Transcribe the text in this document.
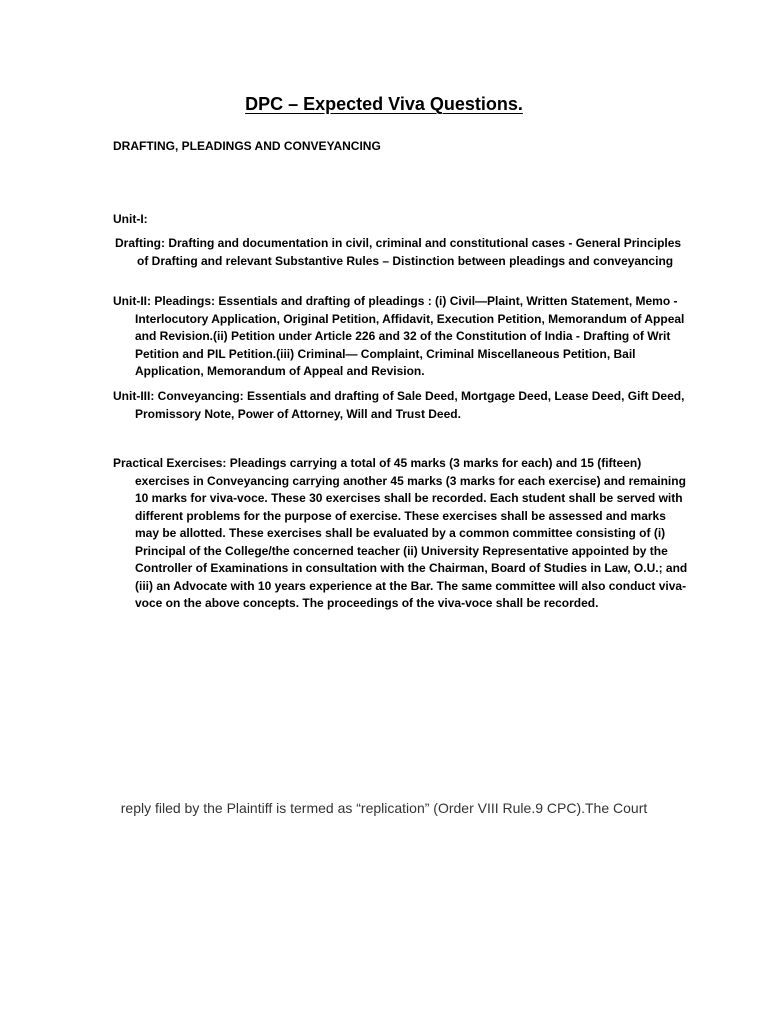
DPC – Expected Viva Questions.
DRAFTING, PLEADINGS AND CONVEYANCING
Unit-I:
Drafting: Drafting and documentation in civil, criminal and constitutional cases - General Principles of Drafting and relevant Substantive Rules – Distinction between pleadings and conveyancing
Unit-II: Pleadings: Essentials and drafting of pleadings : (i) Civil—Plaint, Written Statement, Memo - Interlocutory Application, Original Petition, Affidavit, Execution Petition, Memorandum of Appeal and Revision.(ii) Petition under Article 226 and 32 of the Constitution of India - Drafting of Writ Petition and PIL Petition.(iii) Criminal— Complaint, Criminal Miscellaneous Petition, Bail Application, Memorandum of Appeal and Revision.
Unit-III: Conveyancing: Essentials and drafting of Sale Deed, Mortgage Deed, Lease Deed, Gift Deed, Promissory Note, Power of Attorney, Will and Trust Deed.
Practical Exercises: Pleadings carrying a total of 45 marks (3 marks for each) and 15 (fifteen) exercises in Conveyancing carrying another 45 marks (3 marks for each exercise) and remaining 10 marks for viva-voce. These 30 exercises shall be recorded. Each student shall be served with different problems for the purpose of exercise. These exercises shall be assessed and marks may be allotted. These exercises shall be evaluated by a common committee consisting of (i) Principal of the College/the concerned teacher (ii) University Representative appointed by the Controller of Examinations in consultation with the Chairman, Board of Studies in Law, O.U.; and (iii) an Advocate with 10 years experience at the Bar. The same committee will also conduct viva-voce on the above concepts. The proceedings of the viva-voce shall be recorded.
reply filed by the Plaintiff is termed as “replication” (Order VIII Rule.9 CPC).The Court
